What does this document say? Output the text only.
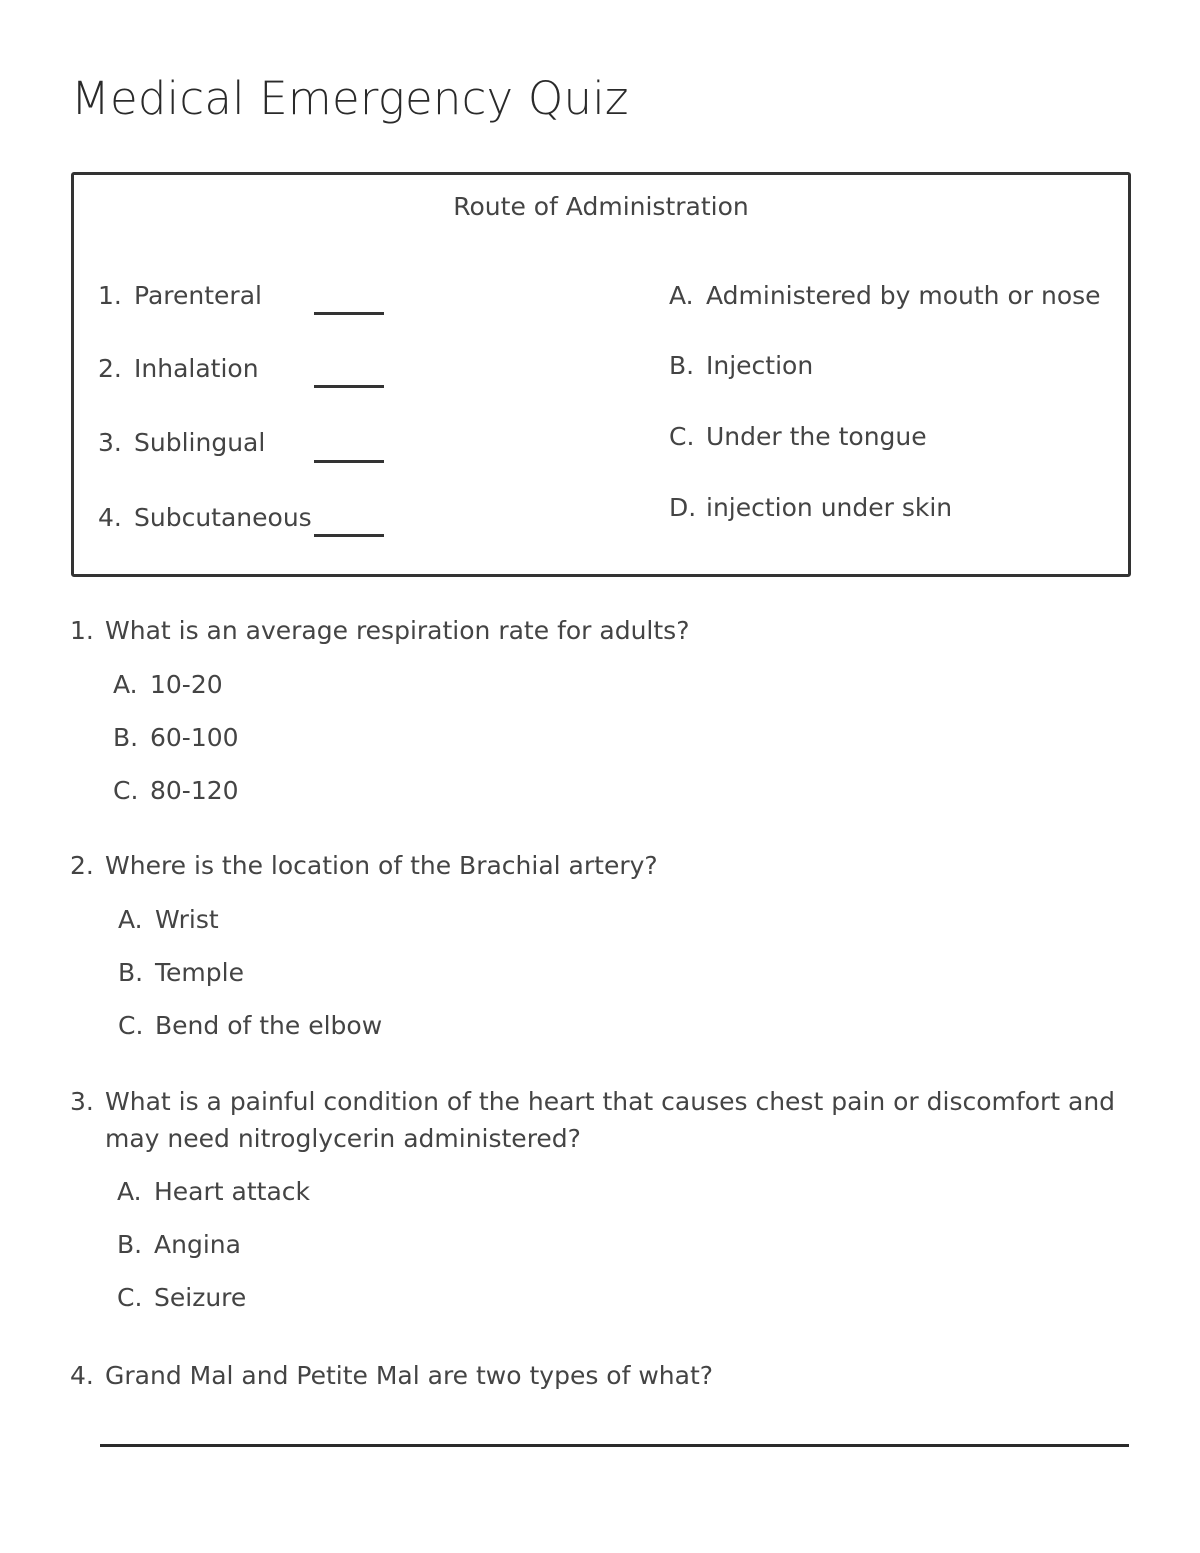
Medical Emergency Quiz
Route of Administration
1. Parenteral
2. Inhalation
3. Sublingual
4. Subcutaneous
A. Administered by mouth or nose
B. Injection
C. Under the tongue
D. injection under skin
1. What is an average respiration rate for adults?
A. 10-20
B. 60-100
C. 80-120
2. Where is the location of the Brachial artery?
A. Wrist
B. Temple
C. Bend of the elbow
3. What is a painful condition of the heart that causes chest pain or discomfort and may need nitroglycerin administered?
A. Heart attack
B. Angina
C. Seizure
4. Grand Mal and Petite Mal are two types of what?
